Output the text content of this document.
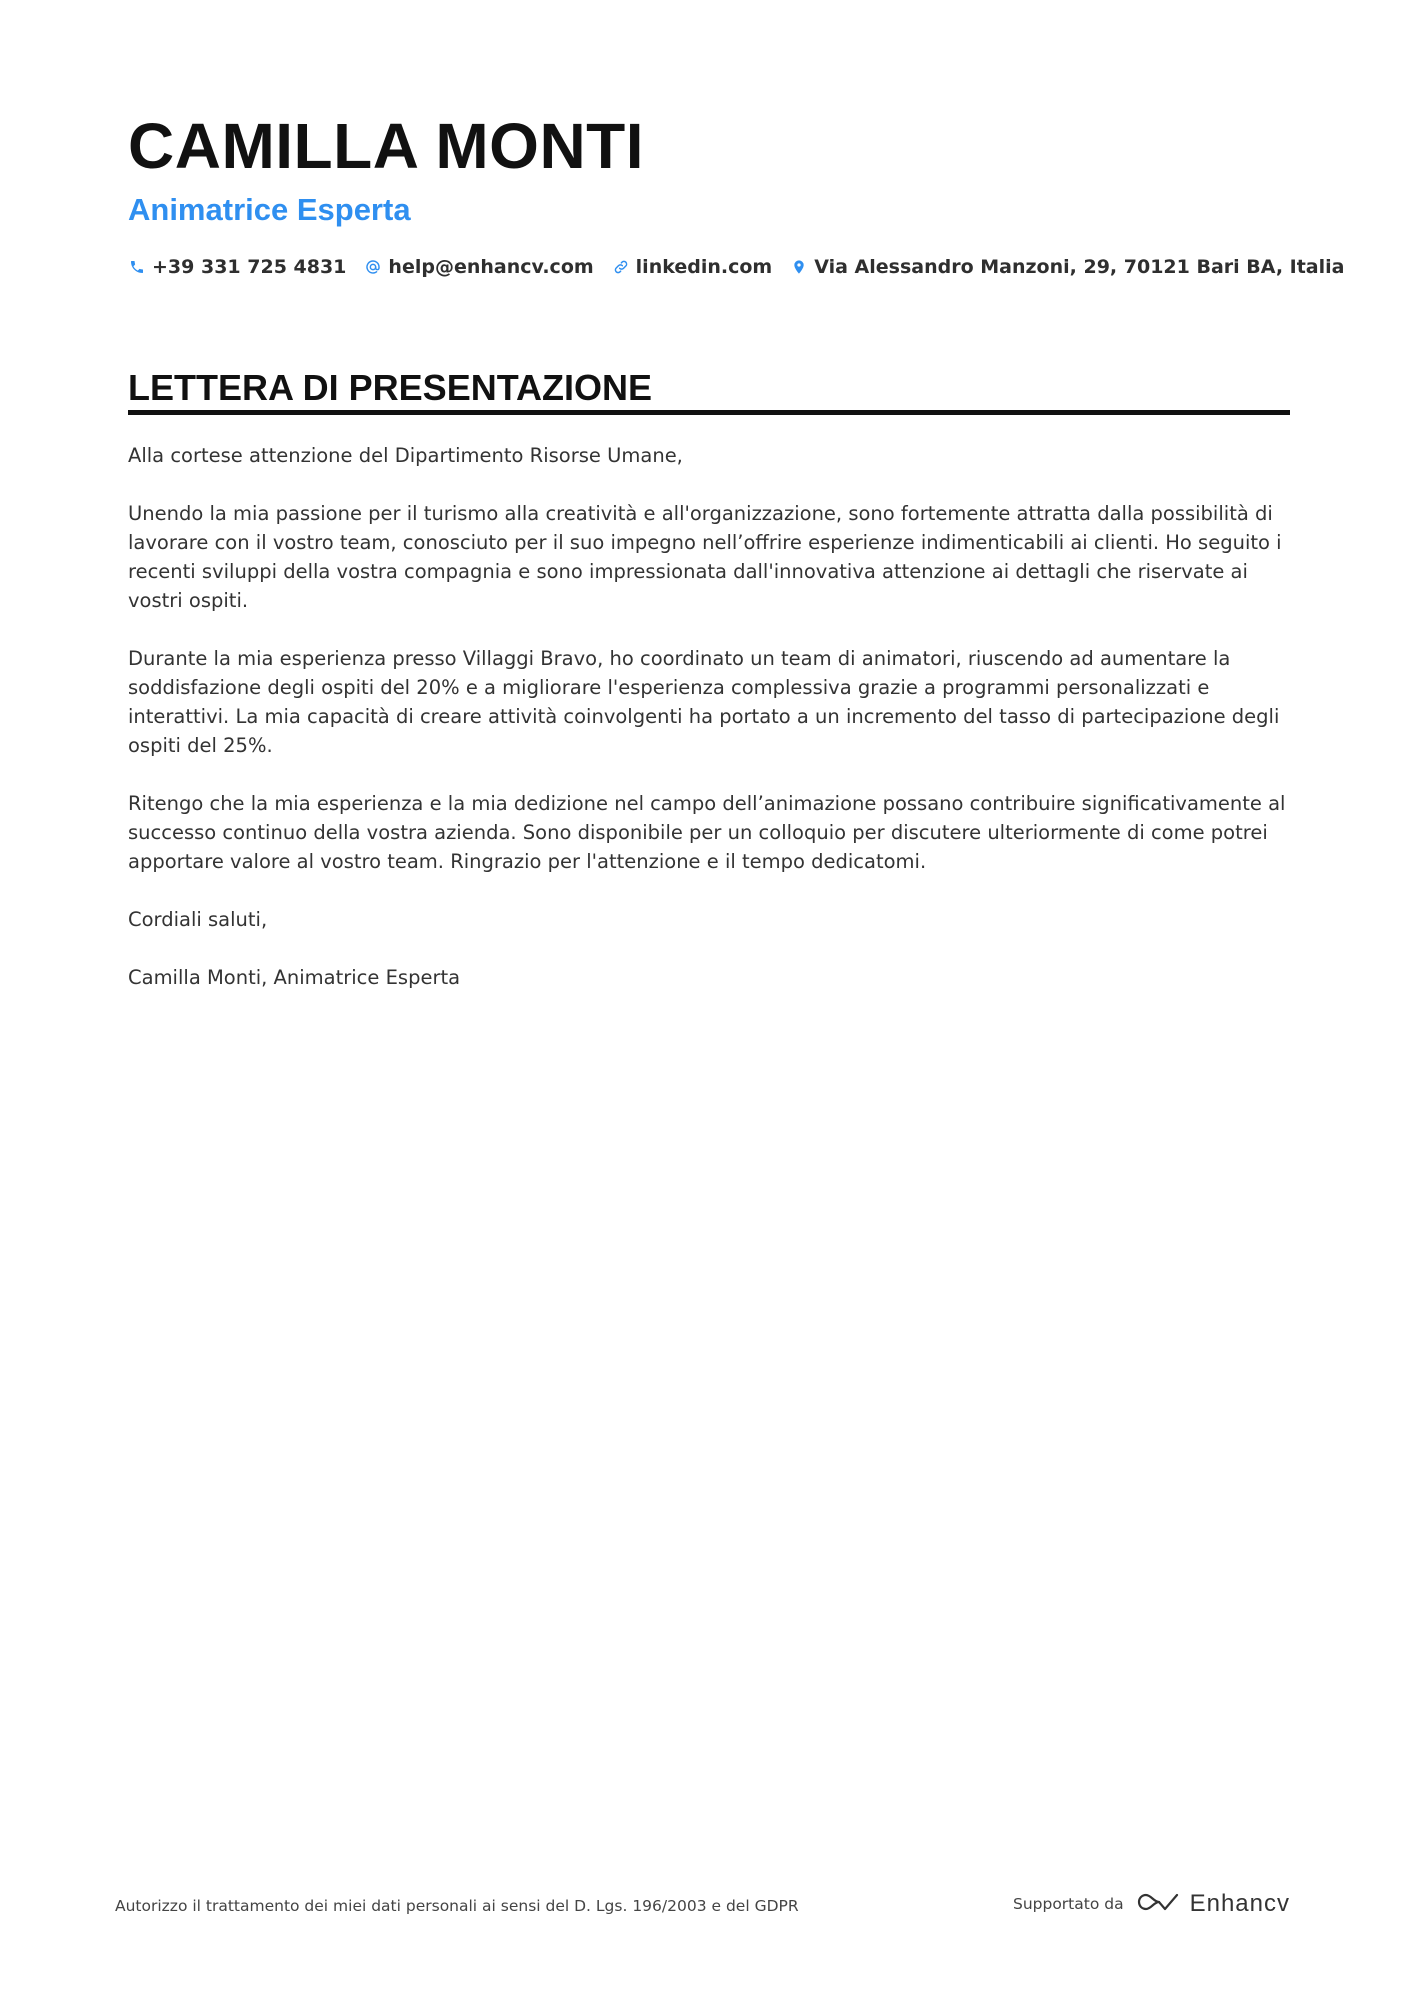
CAMILLA MONTI
Animatrice Esperta
+39 331 725 4831 help@enhancv.com linkedin.com Via Alessandro Manzoni, 29, 70121 Bari BA, Italia
LETTERA DI PRESENTAZIONE

Alla cortese attenzione del Dipartimento Risorse Umane,

Unendo la mia passione per il turismo alla creatività e all'organizzazione, sono fortemente attratta dalla possibilità di lavorare con il vostro team, conosciuto per il suo impegno nell’offrire esperienze indimenticabili ai clienti. Ho seguito i recenti sviluppi della vostra compagnia e sono impressionata dall'innovativa attenzione ai dettagli che riservate ai vostri ospiti.

Durante la mia esperienza presso Villaggi Bravo, ho coordinato un team di animatori, riuscendo ad aumentare la soddisfazione degli ospiti del 20% e a migliorare l'esperienza complessiva grazie a programmi personalizzati e interattivi. La mia capacità di creare attività coinvolgenti ha portato a un incremento del tasso di partecipazione degli ospiti del 25%.

Ritengo che la mia esperienza e la mia dedizione nel campo dell’animazione possano contribuire significativamente al successo continuo della vostra azienda. Sono disponibile per un colloquio per discutere ulteriormente di come potrei apportare valore al vostro team. Ringrazio per l'attenzione e il tempo dedicatomi.

Cordiali saluti,

Camilla Monti, Animatrice Esperta

Autorizzo il trattamento dei miei dati personali ai sensi del D. Lgs. 196/2003 e del GDPR	Supportato da	Enhancv
